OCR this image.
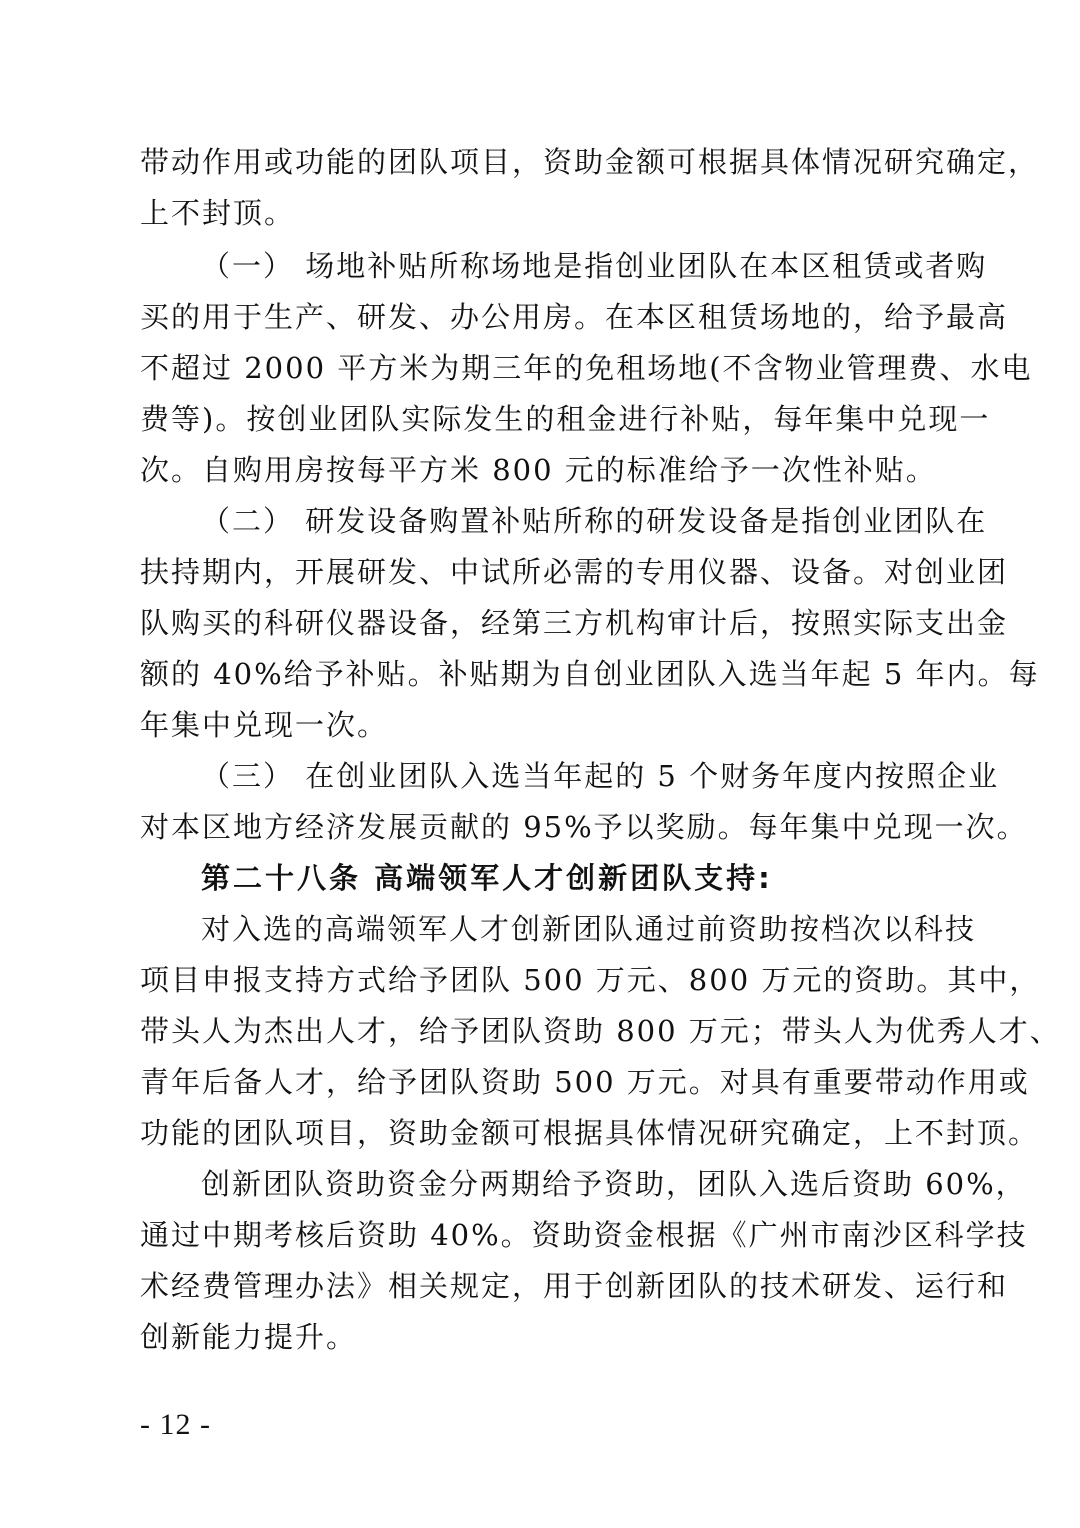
带动作用或功能的团队项目，资助金额可根据具体情况研究确定，
上不封顶。
（一） 场地补贴所称场地是指创业团队在本区租赁或者购
买的用于生产、研发、办公用房。在本区租赁场地的，给予最高
不超过 2000 平方米为期三年的免租场地(不含物业管理费、水电
费等)。按创业团队实际发生的租金进行补贴，每年集中兑现一
次。自购用房按每平方米 800 元的标准给予一次性补贴。
（二） 研发设备购置补贴所称的研发设备是指创业团队在
扶持期内，开展研发、中试所必需的专用仪器、设备。对创业团
队购买的科研仪器设备，经第三方机构审计后，按照实际支出金
额的 40%给予补贴。补贴期为自创业团队入选当年起 5 年内。每
年集中兑现一次。
（三） 在创业团队入选当年起的 5 个财务年度内按照企业
对本区地方经济发展贡献的 95%予以奖励。每年集中兑现一次。
第二十八条 高端领军人才创新团队支持:
对入选的高端领军人才创新团队通过前资助按档次以科技
项目申报支持方式给予团队 500 万元、800 万元的资助。其中，
带头人为杰出人才，给予团队资助 800 万元；带头人为优秀人才、
青年后备人才，给予团队资助 500 万元。对具有重要带动作用或
功能的团队项目，资助金额可根据具体情况研究确定，上不封顶。
创新团队资助资金分两期给予资助，团队入选后资助 60%，
通过中期考核后资助 40%。资助资金根据《广州市南沙区科学技
术经费管理办法》相关规定，用于创新团队的技术研发、运行和
创新能力提升。
- 12 -
